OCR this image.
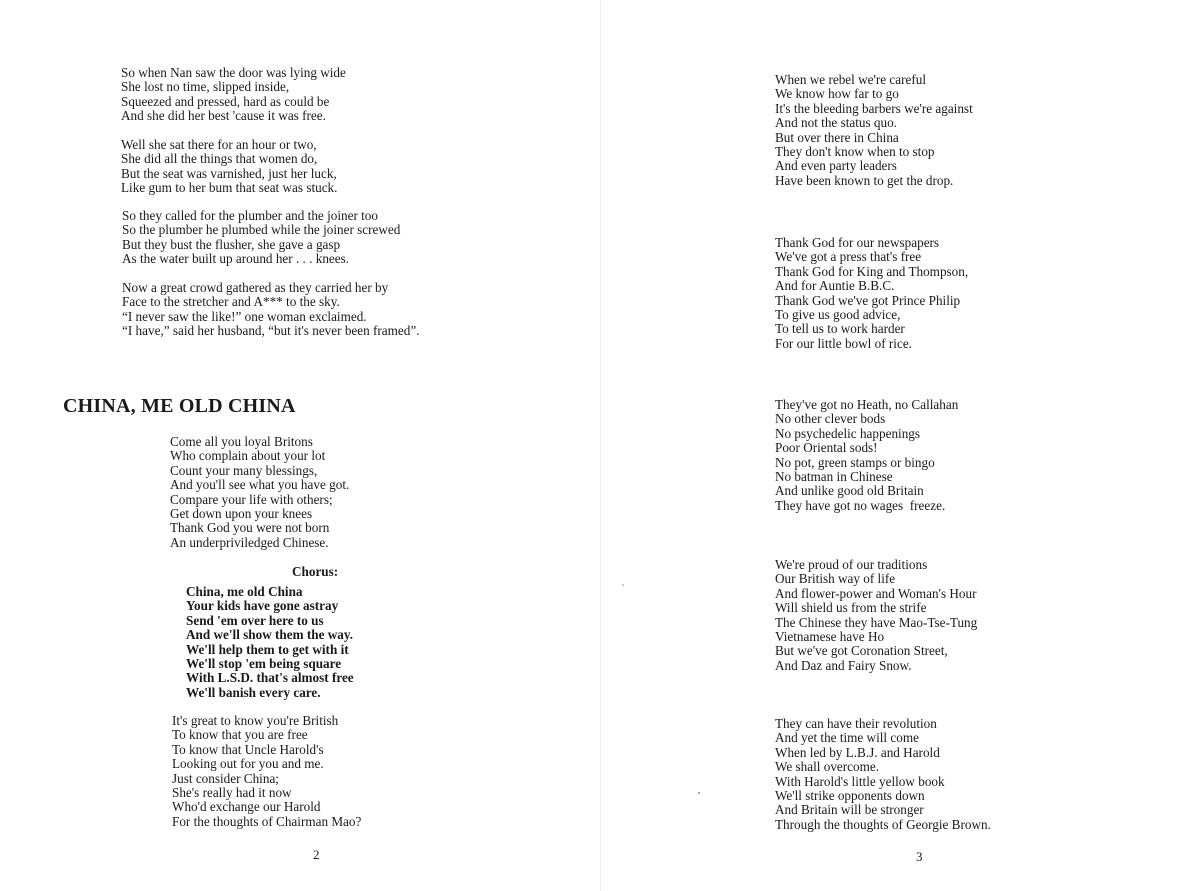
So when Nan saw the door was lying wide
She lost no time, slipped inside,
Squeezed and pressed, hard as could be
And she did her best 'cause it was free.
Well she sat there for an hour or two,
She did all the things that women do,
But the seat was varnished, just her luck,
Like gum to her bum that seat was stuck.
So they called for the plumber and the joiner too
So the plumber he plumbed while the joiner screwed
But they bust the flusher, she gave a gasp
As the water built up around her . . . knees.
Now a great crowd gathered as they carried her by
Face to the stretcher and A*** to the sky.
“I never saw the like!” one woman exclaimed.
“I have,” said her husband, “but it's never been framed”.
CHINA, ME OLD CHINA
Come all you loyal Britons
Who complain about your lot
Count your many blessings,
And you'll see what you have got.
Compare your life with others;
Get down upon your knees
Thank God you were not born
An underpriviledged Chinese.
Chorus:
China, me old China
Your kids have gone astray
Send 'em over here to us
And we'll show them the way.
We'll help them to get with it
We'll stop 'em being square
With L.S.D. that's almost free
We'll banish every care.
It's great to know you're British
To know that you are free
To know that Uncle Harold's
Looking out for you and me.
Just consider China;
She's really had it now
Who'd exchange our Harold
For the thoughts of Chairman Mao?
2
When we rebel we're careful
We know how far to go
It's the bleeding barbers we're against
And not the status quo.
But over there in China
They don't know when to stop
And even party leaders
Have been known to get the drop.
Thank God for our newspapers
We've got a press that's free
Thank God for King and Thompson,
And for Auntie B.B.C.
Thank God we've got Prince Philip
To give us good advice,
To tell us to work harder
For our little bowl of rice.
They've got no Heath, no Callahan
No other clever bods
No psychedelic happenings
Poor Oriental sods!
No pot, green stamps or bingo
No batman in Chinese
And unlike good old Britain
They have got no wages  freeze.
We're proud of our traditions
Our British way of life
And flower-power and Woman's Hour
Will shield us from the strife
The Chinese they have Mao-Tse-Tung
Vietnamese have Ho
But we've got Coronation Street,
And Daz and Fairy Snow.
They can have their revolution
And yet the time will come
When led by L.B.J. and Harold
We shall overcome.
With Harold's little yellow book
We'll strike opponents down
And Britain will be stronger
Through the thoughts of Georgie Brown.
3
